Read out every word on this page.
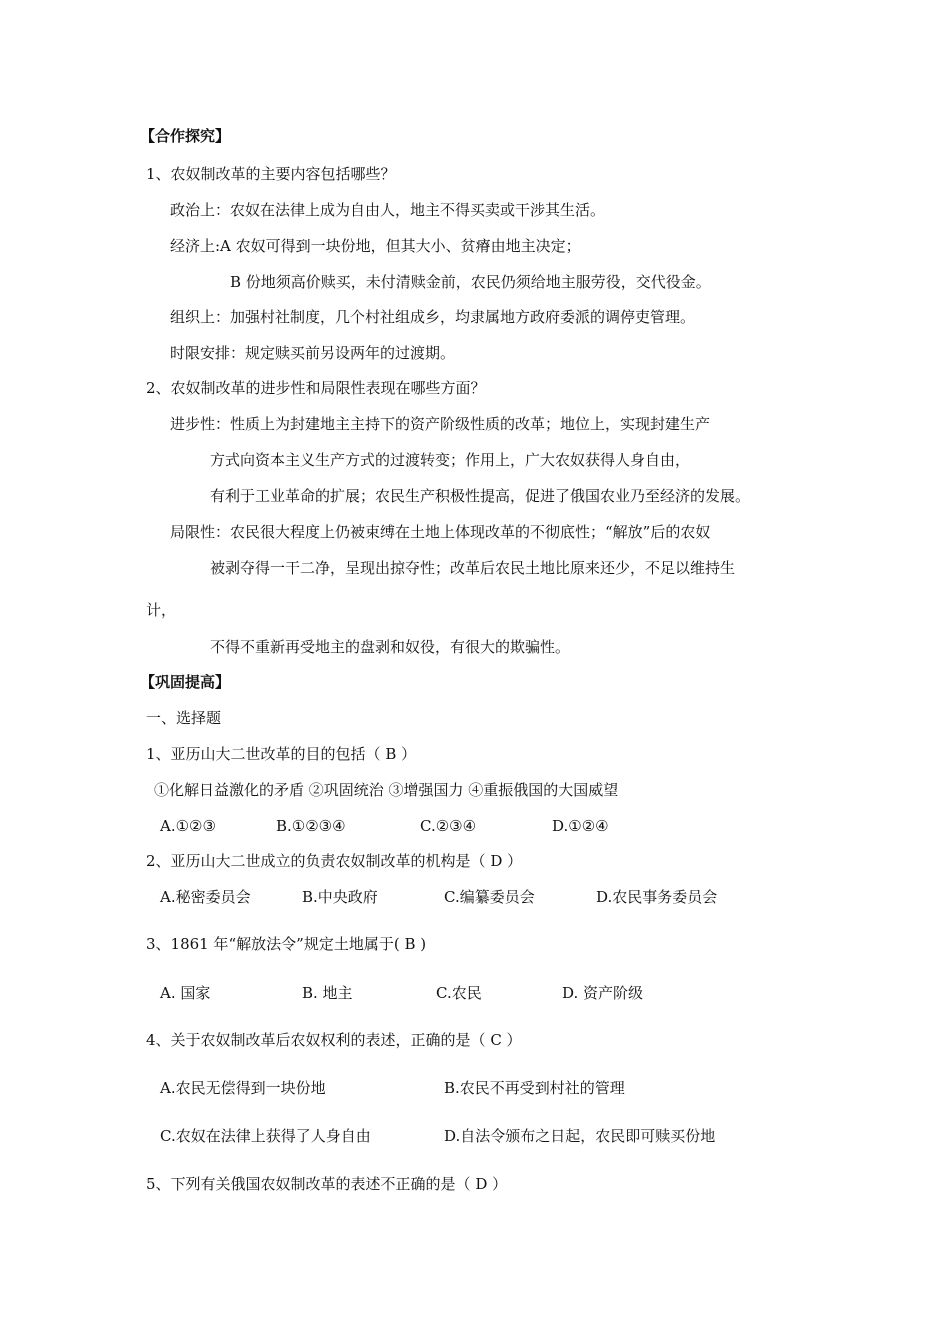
【合作探究】
1、农奴制改革的主要内容包括哪些？
政治上：农奴在法律上成为自由人，地主不得买卖或干涉其生活。
经济上:A 农奴可得到一块份地，但其大小、贫瘠由地主决定；
B 份地须高价赎买，未付清赎金前，农民仍须给地主服劳役，交代役金。
组织上：加强村社制度，几个村社组成乡，均隶属地方政府委派的调停吏管理。
时限安排：规定赎买前另设两年的过渡期。
2、农奴制改革的进步性和局限性表现在哪些方面？
进步性：性质上为封建地主主持下的资产阶级性质的改革；地位上，实现封建生产
方式向资本主义生产方式的过渡转变；作用上，广大农奴获得人身自由，
有利于工业革命的扩展；农民生产积极性提高，促进了俄国农业乃至经济的发展。
局限性：农民很大程度上仍被束缚在土地上体现改革的不彻底性；“解放”后的农奴
被剥夺得一干二净，呈现出掠夺性；改革后农民土地比原来还少，不足以维持生
计，
不得不重新再受地主的盘剥和奴役，有很大的欺骗性。
【巩固提高】
一、选择题
1、亚历山大二世改革的目的包括（ B ）
①化解日益激化的矛盾 ②巩固统治 ③增强国力 ④重振俄国的大国威望
A.①②③	B.①②③④	C.②③④	D.①②④
2、亚历山大二世成立的负责农奴制改革的机构是（ D ）
A.秘密委员会	B.中央政府	C.编纂委员会	D.农民事务委员会
3、1861 年“解放法令”规定土地属于( B )
A. 国家	B. 地主	C.农民	D. 资产阶级
4、关于农奴制改革后农奴权利的表述，正确的是（ C ）
A.农民无偿得到一块份地	B.农民不再受到村社的管理
C.农奴在法律上获得了人身自由	D.自法令颁布之日起，农民即可赎买份地
5、下列有关俄国农奴制改革的表述不正确的是（ D ）
